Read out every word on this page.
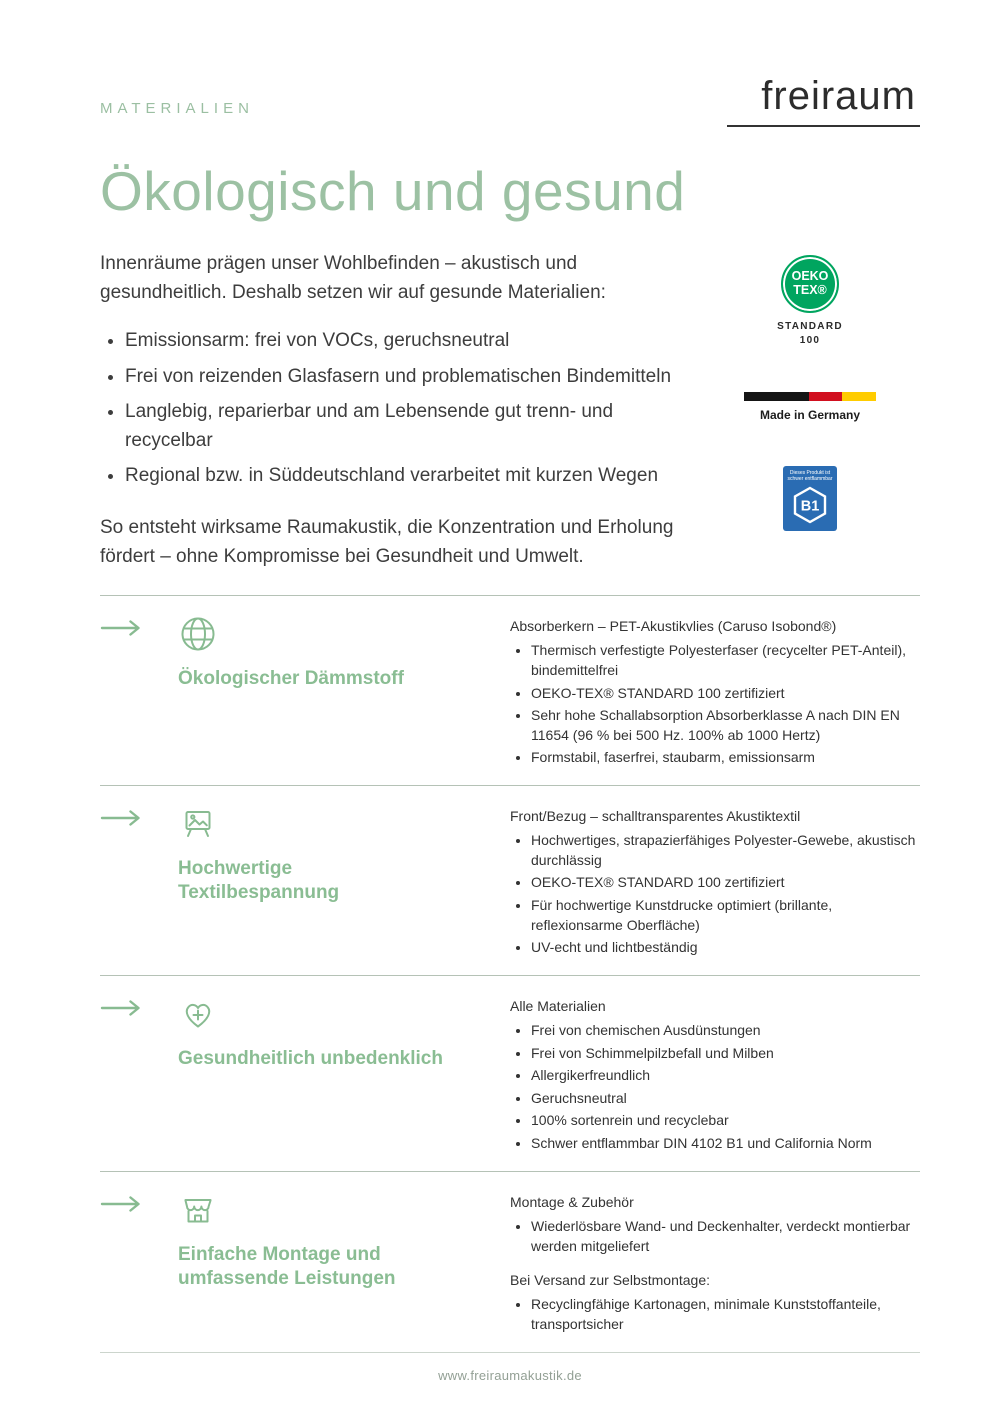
MATERIALIEN	freiraum
Ökologisch und gesund

Innenräume prägen unser Wohlbefinden – akustisch und gesundheitlich. Deshalb setzen wir auf gesunde Materialien:

• Emissionsarm: frei von VOCs, geruchsneutral
• Frei von reizenden Glasfasern und problematischen Bindemitteln
• Langlebig, reparierbar und am Lebensende gut trenn- und recycelbar
• Regional bzw. in Süddeutschland verarbeitet mit kurzen Wegen

So entsteht wirksame Raumakustik, die Konzentration und Erholung fördert – ohne Kompromisse bei Gesundheit und Umwelt.

OEKO
TEX®
STANDARD
100
Made in Germany
Dieses Produkt ist schwer entflammbar
B1
Ökologischer Dämmstoff

Absorberkern – PET-Akustikvlies (Caruso Isobond®)

• Thermisch verfestigte Polyesterfaser (recycelter PET-Anteil), bindemittelfrei
• OEKO-TEX® STANDARD 100 zertifiziert
• Sehr hohe Schallabsorption Absorberklasse A nach DIN EN 11654 (96 % bei 500 Hz. 100% ab 1000 Hertz)
• Formstabil, faserfrei, staubarm, emissionsarm
Hochwertige Textilbespannung

Front/Bezug – schalltransparentes Akustiktextil

• Hochwertiges, strapazierfähiges Polyester-Gewebe, akustisch durchlässig
• OEKO-TEX® STANDARD 100 zertifiziert
• Für hochwertige Kunstdrucke optimiert (brillante, reflexionsarme Oberfläche)
• UV-echt und lichtbeständig
Gesundheitlich unbedenklich

Alle Materialien

• Frei von chemischen Ausdünstungen
• Frei von Schimmelpilzbefall und Milben
• Allergikerfreundlich
• Geruchsneutral
• 100% sortenrein und recyclebar
• Schwer entflammbar DIN 4102 B1 und California Norm
Einfache Montage und umfassende Leistungen

Montage & Zubehör

• Wiederlösbare Wand- und Deckenhalter, verdeckt montierbar werden mitgeliefert

Bei Versand zur Selbstmontage:

• Recyclingfähige Kartonagen, minimale Kunststoffanteile, transportsicher
www.freiraumakustik.de
